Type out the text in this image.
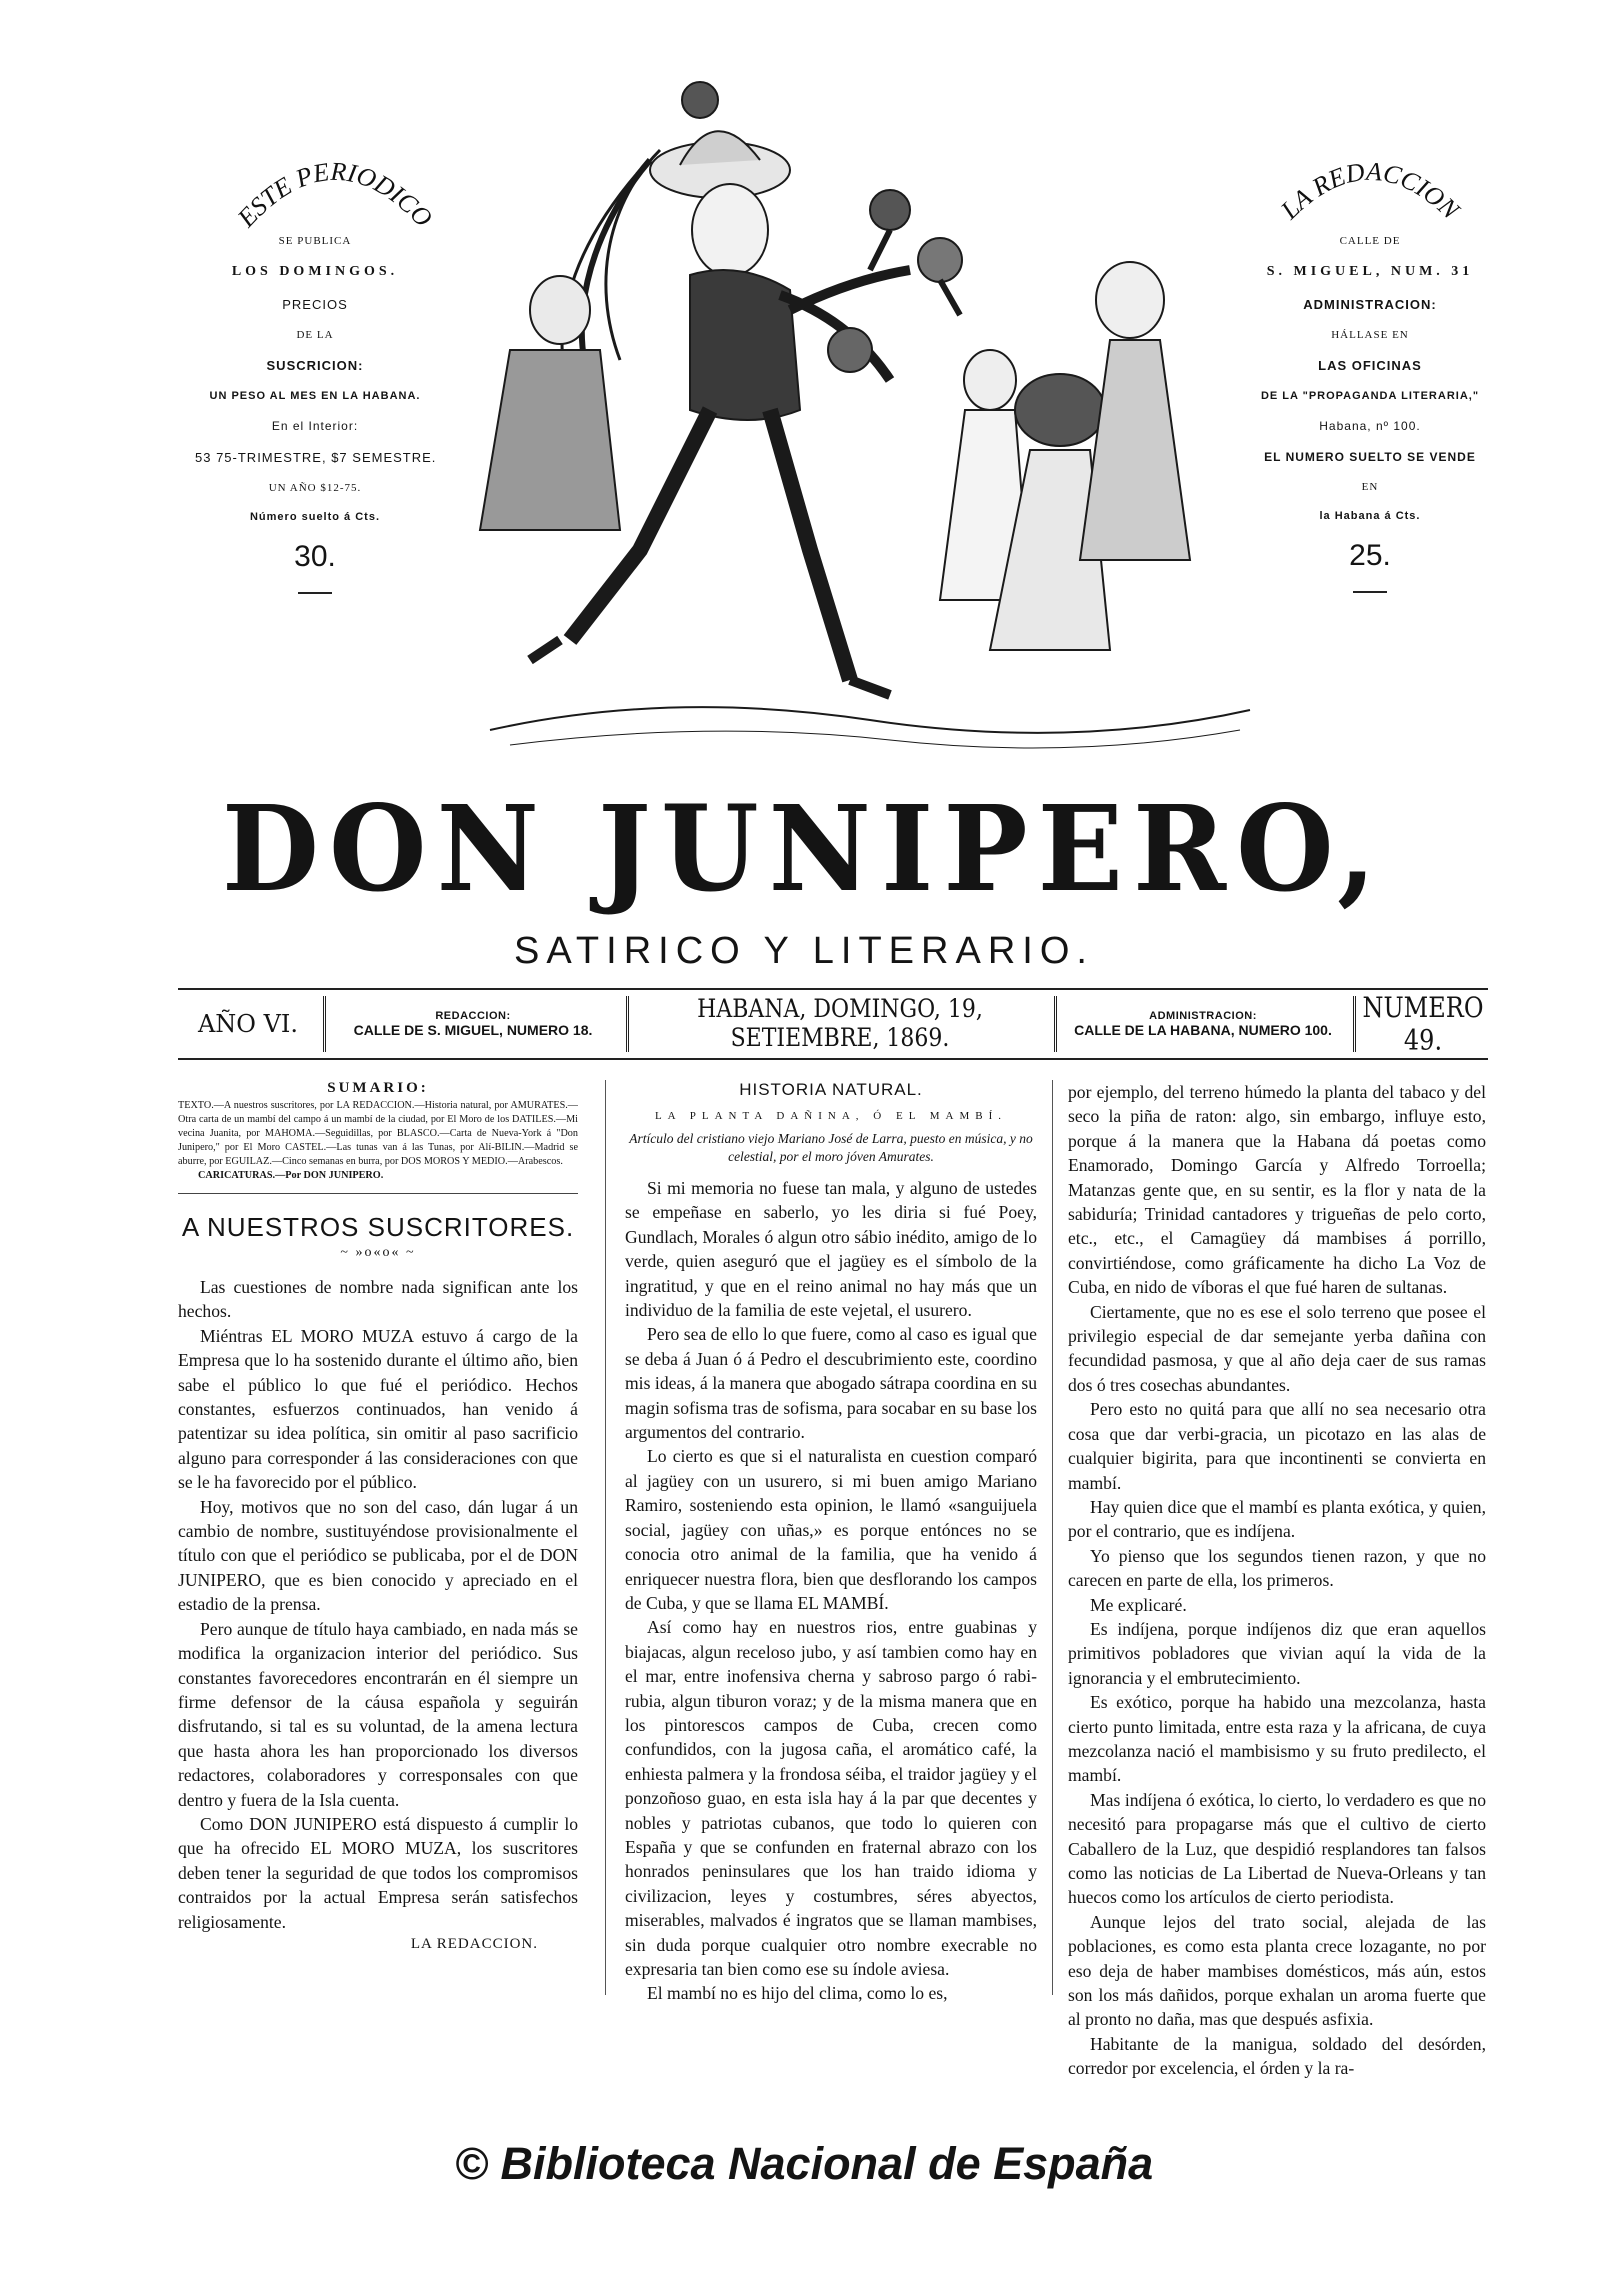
ESTE PERIODICO
SE PUBLICA
LOS DOMINGOS.
PRECIOS
DE LA
SUSCRICION:
UN PESO AL MES EN LA HABANA.
En el Interior:
53 75-TRIMESTRE, $7 SEMESTRE.
UN AÑO $12-75.
Número suelto á Cts.
30.
LA REDACCION
CALLE DE
S. MIGUEL, NUM. 31
ADMINISTRACION:
HÁLLASE EN
LAS OFICINAS
DE LA "PROPAGANDA LITERARIA,"
Habana, nº 100.
EL NUMERO SUELTO SE VENDE
EN
la Habana á Cts.
25.
DON JUNIPERO,
SATIRICO Y LITERARIO.
AÑO VI.	REDACCION:
CALLE DE S. MIGUEL, NUMERO 18.
HABANA, DOMINGO, 19, SETIEMBRE, 1869.
ADMINISTRACION:
CALLE DE LA HABANA, NUMERO 100.
NUMERO 49.
SUMARIO:

TEXTO.—A nuestros suscritores, por LA REDACCION.—Historia natural, por AMURATES.—Otra carta de un mambí del campo á un mambí de la ciudad, por El Moro de los DATILES.—Mi vecina Juanita, por MAHOMA.—Seguidillas, por BLASCO.—Carta de Nueva-York á "Don Junipero," por El Moro CASTEL.—Las tunas van á las Tunas, por Alí-BILIN.—Madrid se aburre, por EGUILAZ.—Cinco semanas en burra, por DOS MOROS Y MEDIO.—Arabescos.
CARICATURAS.—Por DON JUNIPERO.

A NUESTROS SUSCRITORES.
~ »o«o« ~

Las cuestiones de nombre nada significan ante los hechos.

Miéntras EL MORO MUZA estuvo á cargo de la Empresa que lo ha sostenido durante el último año, bien sabe el público lo que fué el periódico. Hechos constantes, esfuerzos continuados, han venido á patentizar su idea política, sin omitir al paso sacrificio alguno para corresponder á las consideraciones con que se le ha favorecido por el público.

Hoy, motivos que no son del caso, dán lugar á un cambio de nombre, sustituyéndose provisionalmente el título con que el periódico se publicaba, por el de DON JUNIPERO, que es bien conocido y apreciado en el estadio de la prensa.

Pero aunque de título haya cambiado, en nada más se modifica la organizacion interior del periódico. Sus constantes favorecedores encontrarán en él siempre un firme defensor de la cáusa española y seguirán disfrutando, si tal es su voluntad, de la amena lectura que hasta ahora les han proporcionado los diversos redactores, colaboradores y corresponsales con que dentro y fuera de la Isla cuenta.

Como DON JUNIPERO está dispuesto á cumplir lo que ha ofrecido EL MORO MUZA, los suscritores deben tener la seguridad de que todos los compromisos contraidos por la actual Empresa serán satisfechos religiosamente.

LA REDACCION.
HISTORIA NATURAL.
LA PLANTA DAÑINA, Ó EL MAMBÍ.

Artículo del cristiano viejo Mariano José de Larra, puesto en música, y no celestial, por el moro jóven Amurates.

Si mi memoria no fuese tan mala, y alguno de ustedes se empeñase en saberlo, yo les diria si fué Poey, Gundlach, Morales ó algun otro sábio inédito, amigo de lo verde, quien aseguró que el jagüey es el símbolo de la ingratitud, y que en el reino animal no hay más que un individuo de la familia de este vejetal, el usurero.

Pero sea de ello lo que fuere, como al caso es igual que se deba á Juan ó á Pedro el descubrimiento este, coordino mis ideas, á la manera que abogado sátrapa coordina en su magin sofisma tras de sofisma, para socabar en su base los argumentos del contrario.

Lo cierto es que si el naturalista en cuestion comparó al jagüey con un usurero, si mi buen amigo Mariano Ramiro, sosteniendo esta opinion, le llamó «sanguijuela social, jagüey con uñas,» es porque entónces no se conocia otro animal de la familia, que ha venido á enriquecer nuestra flora, bien que desflorando los campos de Cuba, y que se llama EL MAMBÍ.

Así como hay en nuestros rios, entre guabinas y biajacas, algun receloso jubo, y así tambien como hay en el mar, entre inofensiva cherna y sabroso pargo ó rabi-rubia, algun tiburon voraz; y de la misma manera que en los pintorescos campos de Cuba, crecen como confundidos, con la jugosa caña, el aromático café, la enhiesta palmera y la frondosa séiba, el traidor jagüey y el ponzoñoso guao, en esta isla hay á la par que decentes y nobles y patriotas cubanos, que todo lo quieren con España y que se confunden en fraternal abrazo con los honrados peninsulares que los han traido idioma y civilizacion, leyes y costumbres, séres abyectos, miserables, malvados é ingratos que se llaman mambises, sin duda porque cualquier otro nombre execrable no expresaria tan bien como ese su índole aviesa.

El mambí no es hijo del clima, como lo es,

por ejemplo, del terreno húmedo la planta del tabaco y del seco la piña de raton: algo, sin embargo, influye esto, porque á la manera que la Habana dá poetas como Enamorado, Domingo García y Alfredo Torroella; Matanzas gente que, en su sentir, es la flor y nata de la sabiduría; Trinidad cantadores y trigueñas de pelo corto, etc., etc., el Camagüey dá mambises á porrillo, convirtiéndose, como gráficamente ha dicho La Voz de Cuba, en nido de víboras el que fué haren de sultanas.

Ciertamente, que no es ese el solo terreno que posee el privilegio especial de dar semejante yerba dañina con fecundidad pasmosa, y que al año deja caer de sus ramas dos ó tres cosechas abundantes.

Pero esto no quitá para que allí no sea necesario otra cosa que dar verbi-gracia, un picotazo en las alas de cualquier bigirita, para que incontinenti se convierta en mambí.

Hay quien dice que el mambí es planta exótica, y quien, por el contrario, que es indíjena.

Yo pienso que los segundos tienen razon, y que no carecen en parte de ella, los primeros.

Me explicaré.

Es indíjena, porque indíjenos diz que eran aquellos primitivos pobladores que vivian aquí la vida de la ignorancia y el embrutecimiento.

Es exótico, porque ha habido una mezcolanza, hasta cierto punto limitada, entre esta raza y la africana, de cuya mezcolanza nació el mambisismo y su fruto predilecto, el mambí.

Mas indíjena ó exótica, lo cierto, lo verdadero es que no necesitó para propagarse más que el cultivo de cierto Caballero de la Luz, que despidió resplandores tan falsos como las noticias de La Libertad de Nueva-Orleans y tan huecos como los artículos de cierto periodista.

Aunque lejos del trato social, alejada de las poblaciones, es como esta planta crece lozagante, no por eso deja de haber mambises domésticos, más aún, estos son los más dañidos, porque exhalan un aroma fuerte que al pronto no daña, mas que después asfixia.

Habitante de la manigua, soldado del desórden, corredor por excelencia, el órden y la ra-

© Biblioteca Nacional de España
